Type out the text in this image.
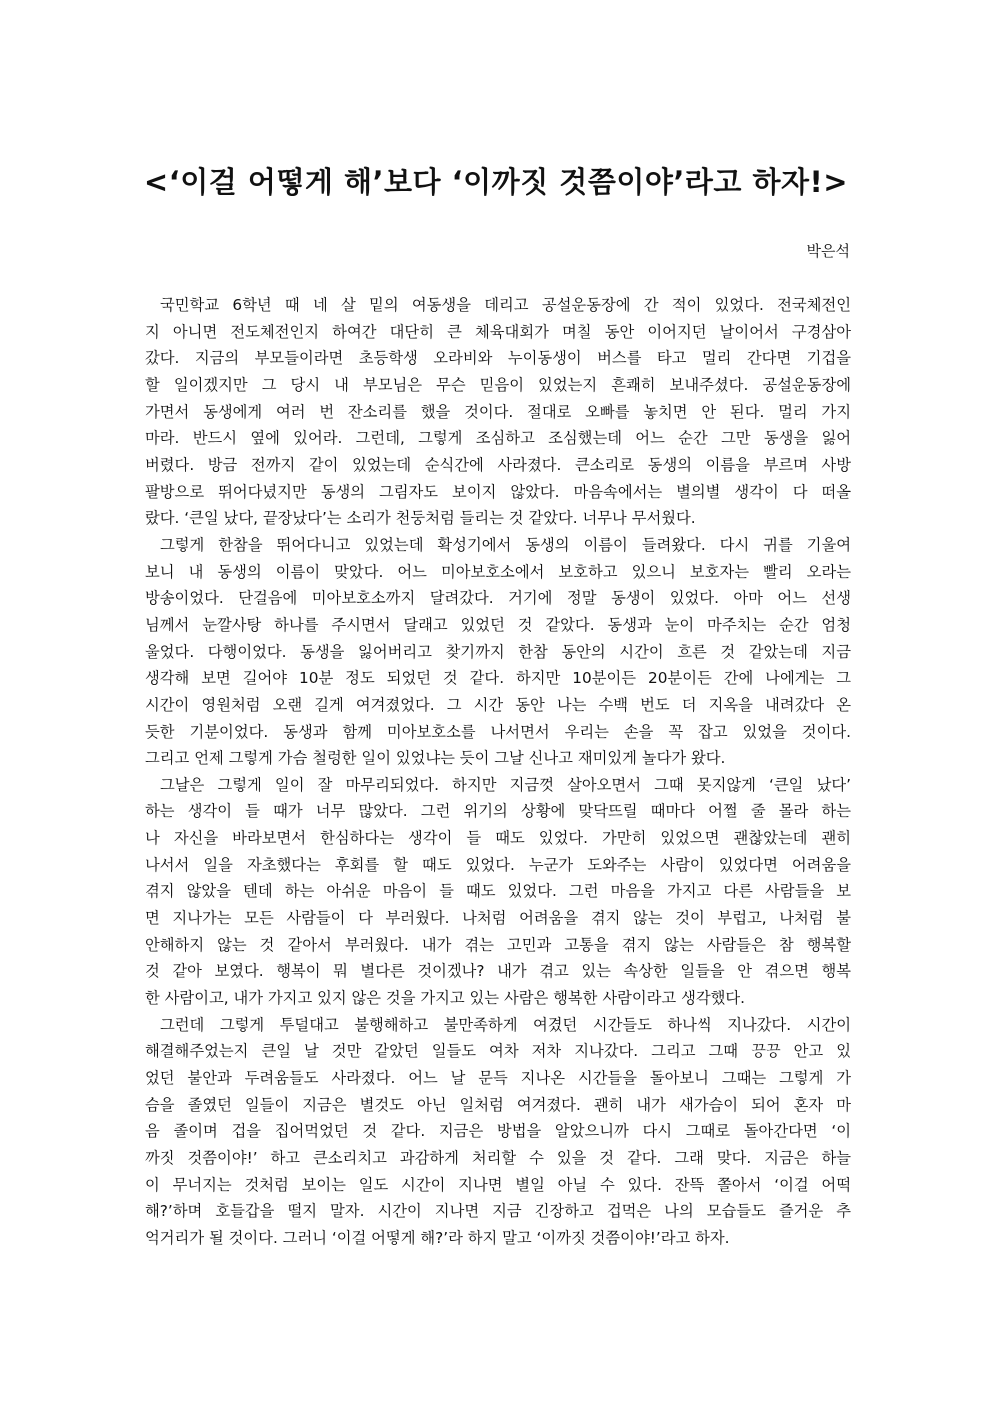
<‘이걸 어떻게 해’보다 ‘이까짓 것쯤이야’라고 하자!>
박은석
국민학교 6학년 때 네 살 밑의 여동생을 데리고 공설운동장에 간 적이 있었다. 전국체전인
지 아니면 전도체전인지 하여간 대단히 큰 체육대회가 며칠 동안 이어지던 날이어서 구경삼아
갔다. 지금의 부모들이라면 초등학생 오라비와 누이동생이 버스를 타고 멀리 간다면 기겁을
할 일이겠지만 그 당시 내 부모님은 무슨 믿음이 있었는지 흔쾌히 보내주셨다. 공설운동장에
가면서 동생에게 여러 번 잔소리를 했을 것이다. 절대로 오빠를 놓치면 안 된다. 멀리 가지
마라. 반드시 옆에 있어라. 그런데, 그렇게 조심하고 조심했는데 어느 순간 그만 동생을 잃어
버렸다. 방금 전까지 같이 있었는데 순식간에 사라졌다. 큰소리로 동생의 이름을 부르며 사방
팔방으로 뛰어다녔지만 동생의 그림자도 보이지 않았다. 마음속에서는 별의별 생각이 다 떠올
랐다. ‘큰일 났다, 끝장났다’는 소리가 천둥처럼 들리는 것 같았다. 너무나 무서웠다.
그렇게 한참을 뛰어다니고 있었는데 확성기에서 동생의 이름이 들려왔다. 다시 귀를 기울여
보니 내 동생의 이름이 맞았다. 어느 미아보호소에서 보호하고 있으니 보호자는 빨리 오라는
방송이었다. 단걸음에 미아보호소까지 달려갔다. 거기에 정말 동생이 있었다. 아마 어느 선생
님께서 눈깔사탕 하나를 주시면서 달래고 있었던 것 같았다. 동생과 눈이 마주치는 순간 엄청
울었다. 다행이었다. 동생을 잃어버리고 찾기까지 한참 동안의 시간이 흐른 것 같았는데 지금
생각해 보면 길어야 10분 정도 되었던 것 같다. 하지만 10분이든 20분이든 간에 나에게는 그
시간이 영원처럼 오랜 길게 여겨졌었다. 그 시간 동안 나는 수백 번도 더 지옥을 내려갔다 온
듯한 기분이었다. 동생과 함께 미아보호소를 나서면서 우리는 손을 꼭 잡고 있었을 것이다.
그리고 언제 그렇게 가슴 철렁한 일이 있었냐는 듯이 그날 신나고 재미있게 놀다가 왔다.
그날은 그렇게 일이 잘 마무리되었다. 하지만 지금껏 살아오면서 그때 못지않게 ‘큰일 났다’
하는 생각이 들 때가 너무 많았다. 그런 위기의 상황에 맞닥뜨릴 때마다 어쩔 줄 몰라 하는
나 자신을 바라보면서 한심하다는 생각이 들 때도 있었다. 가만히 있었으면 괜찮았는데 괜히
나서서 일을 자초했다는 후회를 할 때도 있었다. 누군가 도와주는 사람이 있었다면 어려움을
겪지 않았을 텐데 하는 아쉬운 마음이 들 때도 있었다. 그런 마음을 가지고 다른 사람들을 보
면 지나가는 모든 사람들이 다 부러웠다. 나처럼 어려움을 겪지 않는 것이 부럽고, 나처럼 불
안해하지 않는 것 같아서 부러웠다. 내가 겪는 고민과 고통을 겪지 않는 사람들은 참 행복할
것 같아 보였다. 행복이 뭐 별다른 것이겠나? 내가 겪고 있는 속상한 일들을 안 겪으면 행복
한 사람이고, 내가 가지고 있지 않은 것을 가지고 있는 사람은 행복한 사람이라고 생각했다.
그런데 그렇게 투덜대고 불행해하고 불만족하게 여겼던 시간들도 하나씩 지나갔다. 시간이
해결해주었는지 큰일 날 것만 같았던 일들도 여차 저차 지나갔다. 그리고 그때 끙끙 안고 있
었던 불안과 두려움들도 사라졌다. 어느 날 문득 지나온 시간들을 돌아보니 그때는 그렇게 가
슴을 졸였던 일들이 지금은 별것도 아닌 일처럼 여겨졌다. 괜히 내가 새가슴이 되어 혼자 마
음 졸이며 겁을 집어먹었던 것 같다. 지금은 방법을 알았으니까 다시 그때로 돌아간다면 ‘이
까짓 것쯤이야!’ 하고 큰소리치고 과감하게 처리할 수 있을 것 같다. 그래 맞다. 지금은 하늘
이 무너지는 것처럼 보이는 일도 시간이 지나면 별일 아닐 수 있다. 잔뜩 쫄아서 ‘이걸 어떡
해?’하며 호들갑을 떨지 말자. 시간이 지나면 지금 긴장하고 겁먹은 나의 모습들도 즐거운 추
억거리가 될 것이다. 그러니 ‘이걸 어떻게 해?’라 하지 말고 ‘이까짓 것쯤이야!’라고 하자.
